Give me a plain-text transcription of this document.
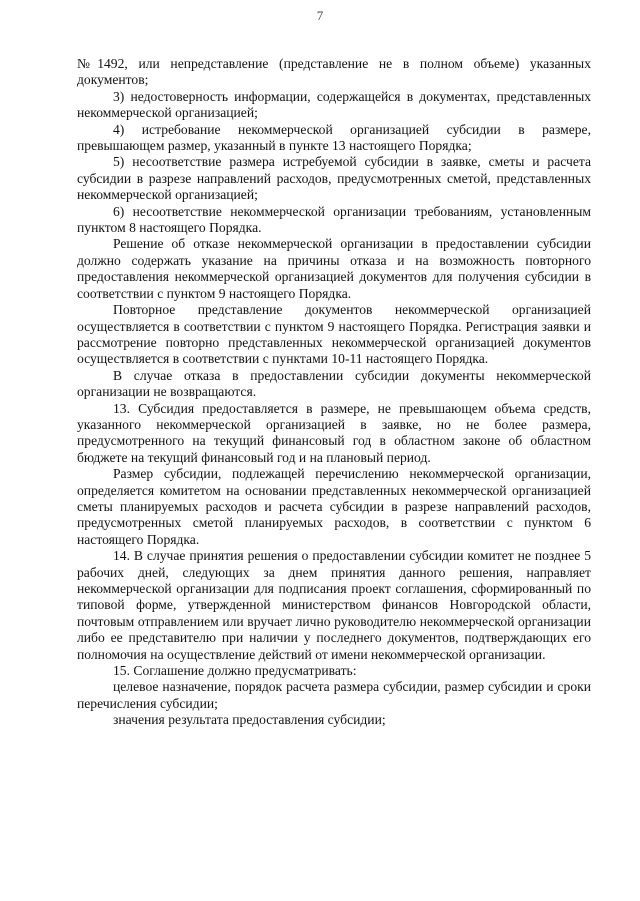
7

№1492, или непредставление (представление не в полном объеме) указанных документов;

3) недостоверность информации, содержащейся в документах, представленных некоммерческой организацией;

4) истребование некоммерческой организацией субсидии в размере, превышающем размер, указанный в пункте 13 настоящего Порядка;

5) несоответствие размера истребуемой субсидии в заявке, сметы и расчета субсидии в разрезе направлений расходов, предусмотренных сметой, представленных некоммерческой организацией;

6) несоответствие некоммерческой организации требованиям, установленным пунктом 8 настоящего Порядка.

Решение об отказе некоммерческой организации в предоставлении субсидии должно содержать указание на причины отказа и на возможность повторного предоставления некоммерческой организацией документов для получения субсидии в соответствии с пунктом 9 настоящего Порядка.

Повторное представление документов некоммерческой организацией осуществляется в соответствии с пунктом 9 настоящего Порядка. Регистрация заявки и рассмотрение повторно представленных некоммерческой организацией документов осуществляется в соответствии с пунктами 10-11 настоящего Порядка.

В случае отказа в предоставлении субсидии документы некоммерческой организации не возвращаются.

13. Субсидия предоставляется в размере, не превышающем объема средств, указанного некоммерческой организацией в заявке, но не более размера, предусмотренного на текущий финансовый год в областном законе об областном бюджете на текущий финансовый год и на плановый период.

Размер субсидии, подлежащей перечислению некоммерческой организации, определяется комитетом на основании представленных некоммерческой организацией сметы планируемых расходов и расчета субсидии в разрезе направлений расходов, предусмотренных сметой планируемых расходов, в соответствии с пунктом 6 настоящего Порядка.

14. В случае принятия решения о предоставлении субсидии комитет не позднее 5 рабочих дней, следующих за днем принятия данного решения, направляет некоммерческой организации для подписания проект соглашения, сформированный по типовой форме, утвержденной министерством финансов Новгородской области, почтовым отправлением или вручает лично руководителю некоммерческой организации либо ее представителю при наличии у последнего документов, подтверждающих его полномочия на осуществление действий от имени некоммерческой организации.

15. Соглашение должно предусматривать:

целевое назначение, порядок расчета размера субсидии, размер субсидии и сроки перечисления субсидии;

значения результата предоставления субсидии;
